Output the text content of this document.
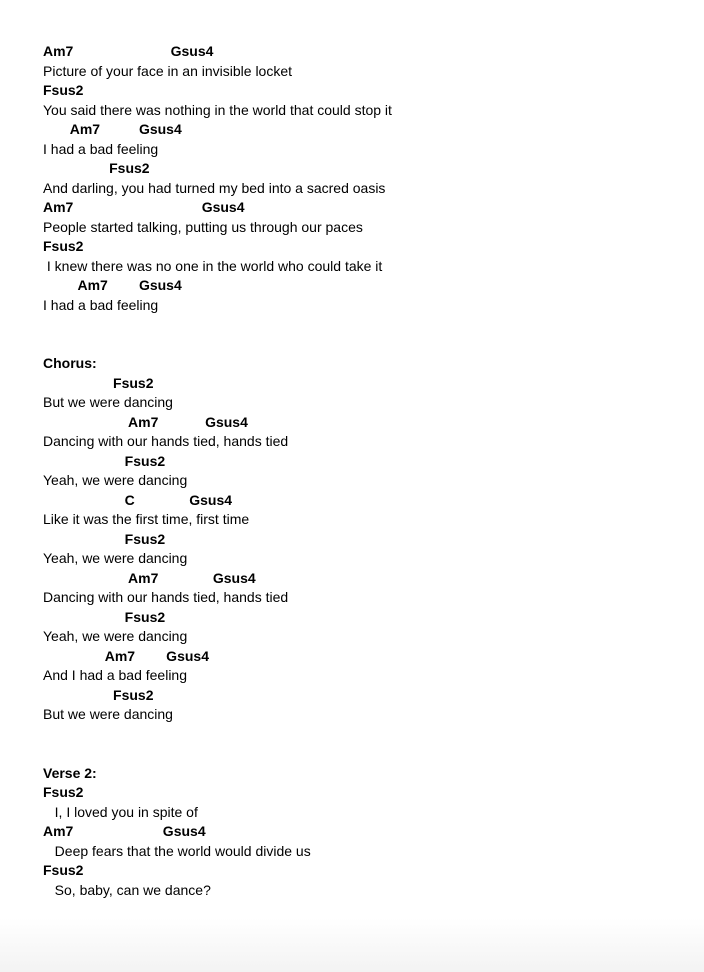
Am7                         Gsus4
Picture of your face in an invisible locket
Fsus2
You said there was nothing in the world that could stop it
Am7          Gsus4
I had a bad feeling
Fsus2
And darling, you had turned my bed into a sacred oasis
Am7                                 Gsus4
People started talking, putting us through our paces
Fsus2
I knew there was no one in the world who could take it
Am7        Gsus4
I had a bad feeling
Chorus:
Fsus2
But we were dancing
Am7            Gsus4
Dancing with our hands tied, hands tied
Fsus2
Yeah, we were dancing
C              Gsus4
Like it was the first time, first time
Fsus2
Yeah, we were dancing
Am7              Gsus4
Dancing with our hands tied, hands tied
Fsus2
Yeah, we were dancing
Am7        Gsus4
And I had a bad feeling
Fsus2
But we were dancing
Verse 2:
Fsus2
I, I loved you in spite of
Am7                       Gsus4
Deep fears that the world would divide us
Fsus2
So, baby, can we dance?
